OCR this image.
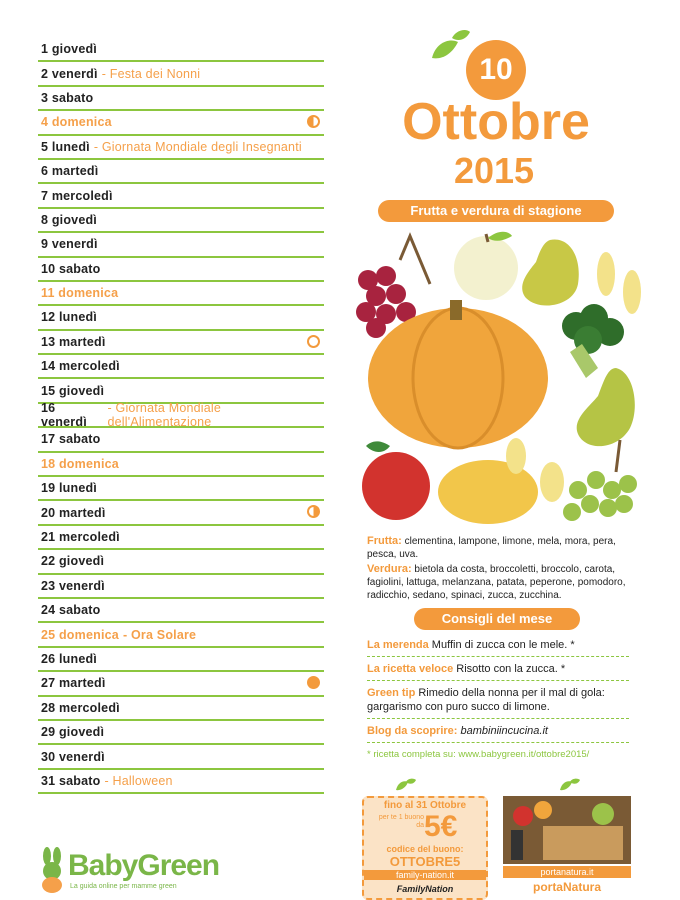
1 giovedì
2 venerdì - Festa dei Nonni
3 sabato
4 domenica
5 lunedì - Giornata Mondiale degli Insegnanti
6 martedì
7 mercoledì
8 giovedì
9 venerdì
10 sabato
11 domenica
12 lunedì
13 martedì
14 mercoledì
15 giovedì
16 venerdì
- Giornata Mondiale dell'Alimentazione
17 sabato
18 domenica
19 lunedì
20 martedì
21 mercoledì
22 giovedì
23 venerdì
24 sabato
25 domenica - Ora Solare
26 lunedì
27 martedì
28 mercoledì
29 giovedì
30 venerdì
31 sabato - Halloween
BabyGreen
La guida online per mamme green
10
Ottobre
2015
Frutta e verdura di stagione
Frutta: clementina, lampone, limone, mela, mora, pera, pesca, uva.
Verdura: bietola da costa, broccoletti, broccolo, carota, fagiolini, lattuga, melanzana, patata, peperone, pomodoro, radicchio, sedano, spinaci, zucca, zucchina.
Consigli del mese
La merenda Muffin di zucca con le mele. *
La ricetta veloce Risotto con la zucca. *
Green tip Rimedio della nonna per il mal di gola: gargarismo con puro succo di limone.
Blog da scoprire: bambiniincucina.it
* ricetta completa su: www.babygreen.it/ottobre2015/
fino al 31 Ottobre
per te 1 buono da 5€
codice del buono:
OTTOBRE5
family-nation.it
FamilyNation
portanatura.it
portaNatura
